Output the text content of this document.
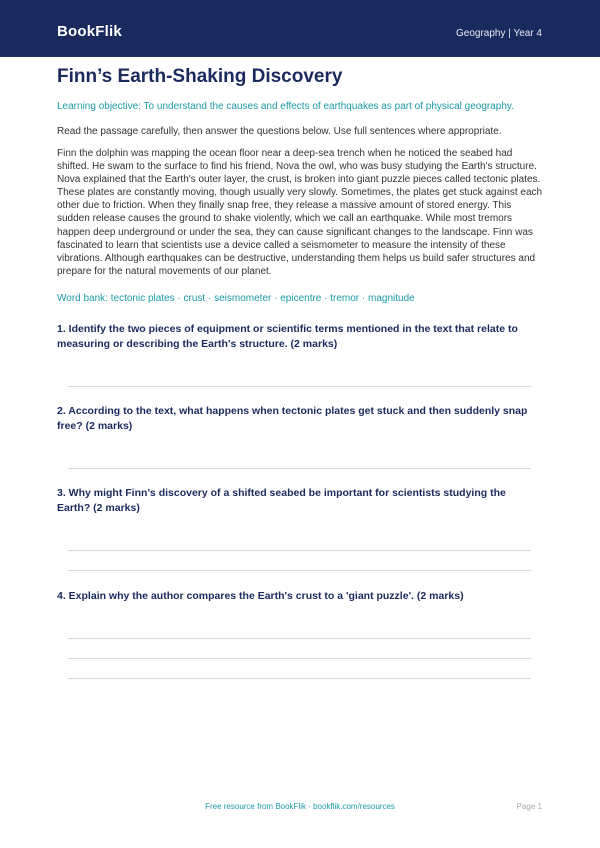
BookFlik	Geography | Year 4
Finn’s Earth-Shaking Discovery
Learning objective: To understand the causes and effects of earthquakes as part of physical geography.
Read the passage carefully, then answer the questions below. Use full sentences where appropriate.

Finn the dolphin was mapping the ocean floor near a deep-sea trench when he noticed the seabed had shifted. He swam to the surface to find his friend, Nova the owl, who was busy studying the Earth's structure. Nova explained that the Earth's outer layer, the crust, is broken into giant puzzle pieces called tectonic plates. These plates are constantly moving, though usually very slowly. Sometimes, the plates get stuck against each other due to friction. When they finally snap free, they release a massive amount of stored energy. This sudden release causes the ground to shake violently, which we call an earthquake. While most tremors happen deep underground or under the sea, they can cause significant changes to the landscape. Finn was fascinated to learn that scientists use a device called a seismometer to measure the intensity of these vibrations. Although earthquakes can be destructive, understanding them helps us build safer structures and prepare for the natural movements of our planet.

Word bank: tectonic plates · crust · seismometer · epicentre · tremor · magnitude

1. Identify the two pieces of equipment or scientific terms mentioned in the text that relate to measuring or describing the Earth's structure. (2 marks)

2. According to the text, what happens when tectonic plates get stuck and then suddenly snap free? (2 marks)

3. Why might Finn’s discovery of a shifted seabed be important for scientists studying the Earth? (2 marks)

4. Explain why the author compares the Earth's crust to a 'giant puzzle'. (2 marks)

Free resource from BookFlik · bookflik.com/resources	Page 1
